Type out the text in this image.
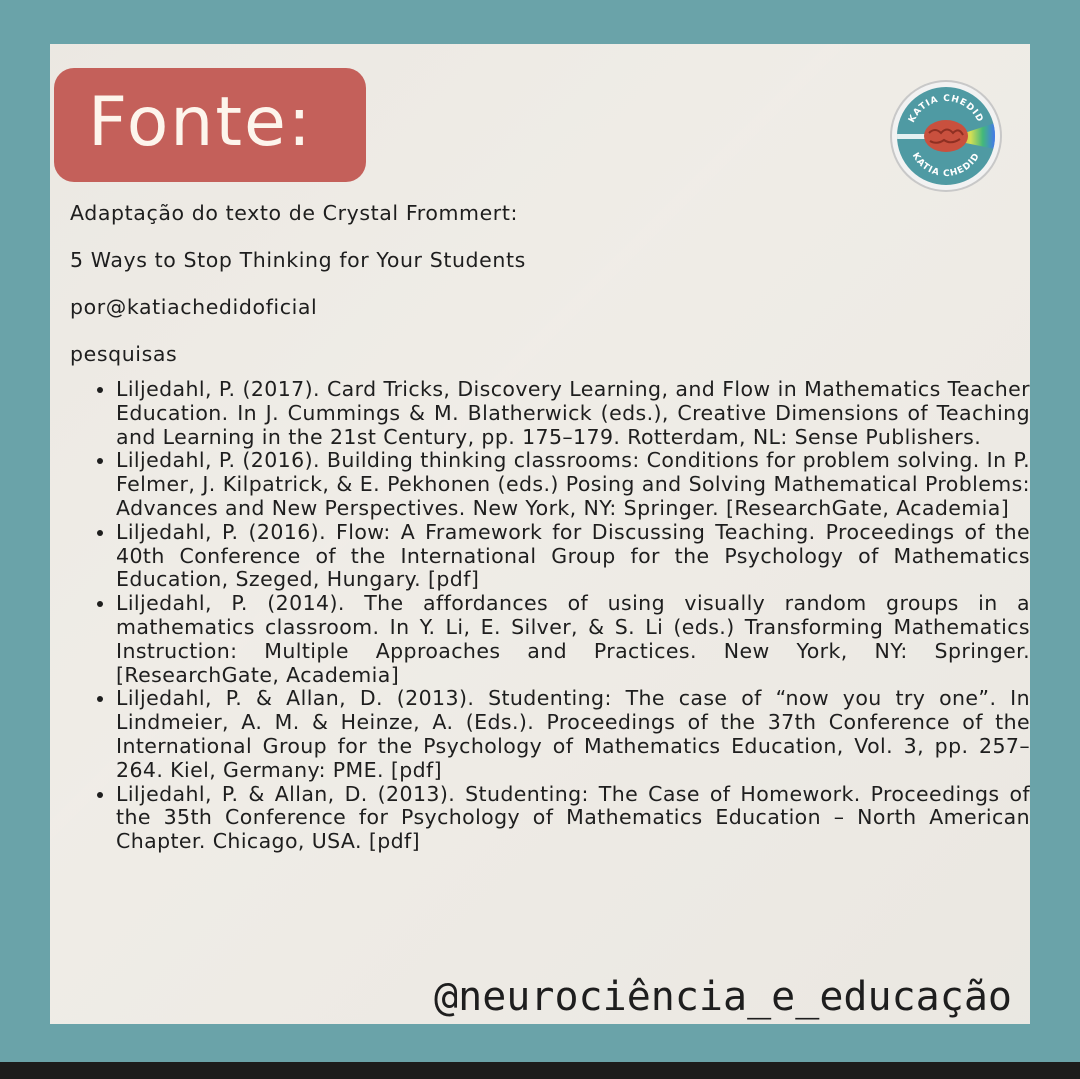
Fonte:	KATIA CHEDID
KATIA CHEDID

Adaptação do texto de Crystal Frommert:

5 Ways to Stop Thinking for Your Students

por@katiachedidoficial

pesquisas

• Liljedahl, P. (2017). Card Tricks, Discovery Learning, and Flow in Mathematics Teacher Education. In J. Cummings & M. Blatherwick (eds.), Creative Dimensions of Teaching and Learning in the 21st Century, pp. 175–179. Rotterdam, NL: Sense Publishers.
• Liljedahl, P. (2016). Building thinking classrooms: Conditions for problem solving. In P. Felmer, J. Kilpatrick, & E. Pekhonen (eds.) Posing and Solving Mathematical Problems: Advances and New Perspectives. New York, NY: Springer. [ResearchGate, Academia]
• Liljedahl, P. (2016). Flow: A Framework for Discussing Teaching. Proceedings of the 40th Conference of the International Group for the Psychology of Mathematics Education, Szeged, Hungary. [pdf]
• Liljedahl, P. (2014). The affordances of using visually random groups in a mathematics classroom. In Y. Li, E. Silver, & S. Li (eds.) Transforming Mathematics Instruction: Multiple Approaches and Practices. New York, NY: Springer. [ResearchGate, Academia]
• Liljedahl, P. & Allan, D. (2013). Studenting: The case of “now you try one”. In Lindmeier, A. M. & Heinze, A. (Eds.). Proceedings of the 37th Conference of the International Group for the Psychology of Mathematics Education, Vol. 3, pp. 257–264. Kiel, Germany: PME. [pdf]
• Liljedahl, P. & Allan, D. (2013). Studenting: The Case of Homework. Proceedings of the 35th Conference for Psychology of Mathematics Education – North American Chapter. Chicago, USA. [pdf]
@neurociência_e_educação
